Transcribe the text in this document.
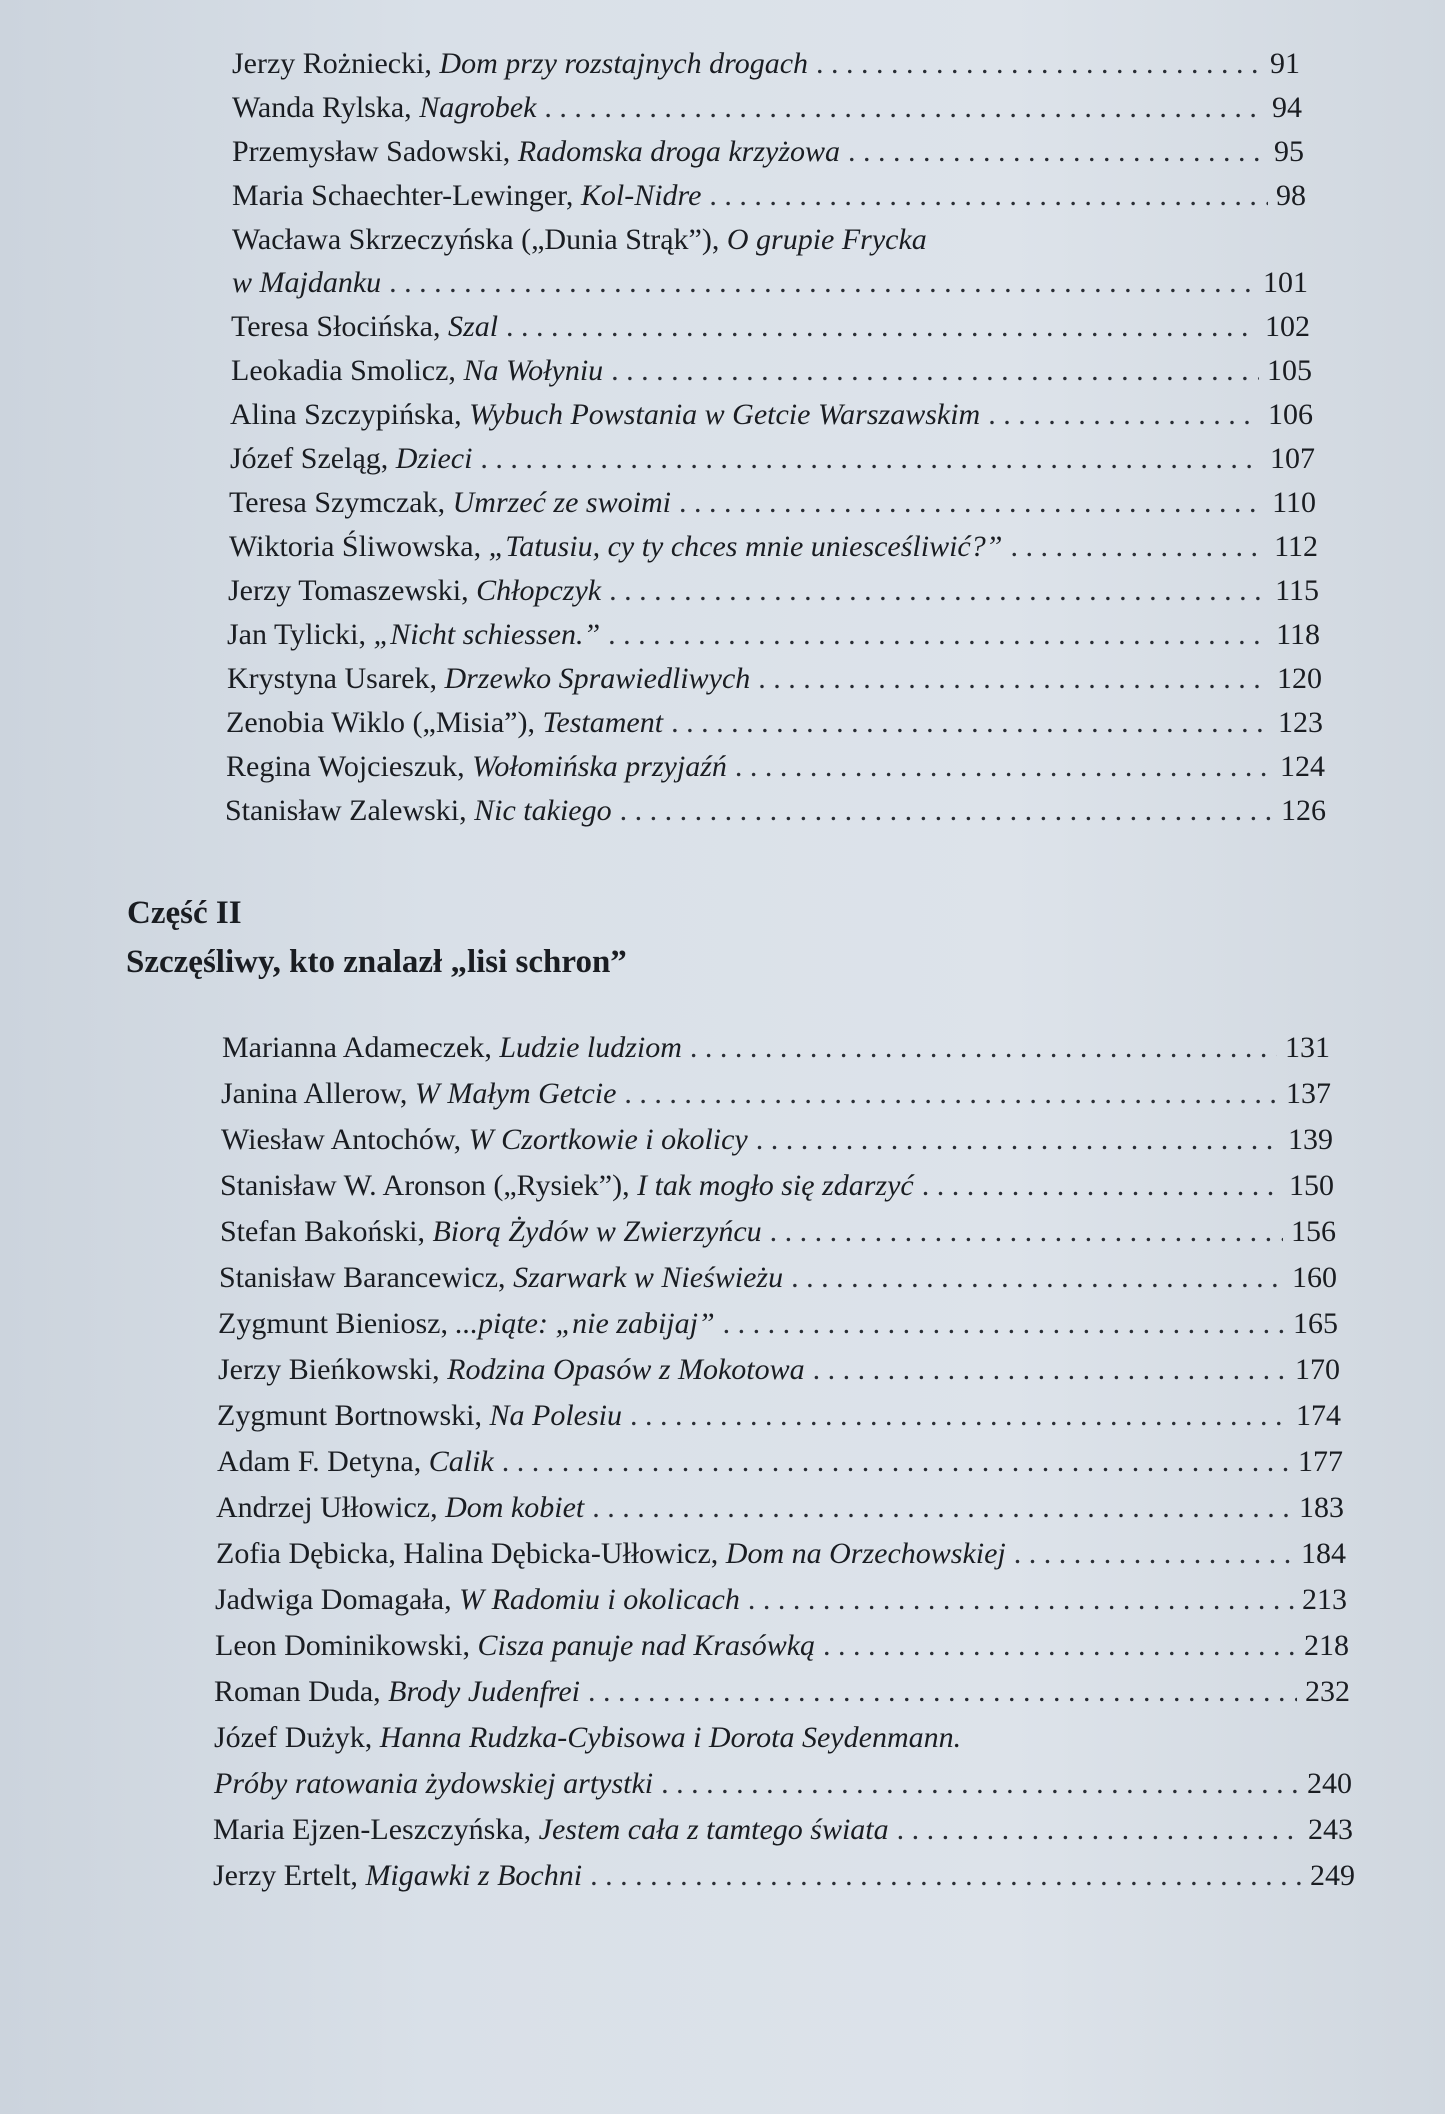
Jerzy Rożniecki, Dom przy rozstajnych drogach . . .	91
Wanda Rylska, Nagrobek . . .	94
Przemysław Sadowski, Radomska droga krzyżowa . . .	95
Maria Schaechter-Lewinger, Kol-Nidre . . .	98
Wacława Skrzeczyńska („Dunia Strąk”), O grupie Frycka
w Majdanku . . .	101
Teresa Słocińska, Szal . . .	102
Leokadia Smolicz, Na Wołyniu . . .	105
Alina Szczypińska, Wybuch Powstania w Getcie Warszawskim . . .	106
Józef Szeląg, Dzieci . . .	107
Teresa Szymczak, Umrzeć ze swoimi . . .	110
Wiktoria Śliwowska, „Tatusiu, cy ty chces mnie uniesceśliwić?” . . .	112
Jerzy Tomaszewski, Chłopczyk . . .	115
Jan Tylicki, „Nicht schiessen.” . . .	118
Krystyna Usarek, Drzewko Sprawiedliwych . . .	120
Zenobia Wiklo („Misia”), Testament . . .	123
Regina Wojcieszuk, Wołomińska przyjaźń . . .	124
Stanisław Zalewski, Nic takiego . . .	126
Część II
Szczęśliwy, kto znalazł „lisi schron”
Marianna Adameczek, Ludzie ludziom . . .	131
Janina Allerow, W Małym Getcie . . .	137
Wiesław Antochów, W Czortkowie i okolicy . . .	139
Stanisław W. Aronson („Rysiek”), I tak mogło się zdarzyć . . .	150
Stefan Bakoński, Biorą Żydów w Zwierzyńcu . . .	156
Stanisław Barancewicz, Szarwark w Nieświeżu . . .	160
Zygmunt Bieniosz, ...piąte: „nie zabijaj” . . .	165
Jerzy Bieńkowski, Rodzina Opasów z Mokotowa . . .	170
Zygmunt Bortnowski, Na Polesiu . . .	174
Adam F. Detyna, Calik . . .	177
Andrzej Ułłowicz, Dom kobiet . . .	183
Zofia Dębicka, Halina Dębicka-Ułłowicz, Dom na Orzechowskiej . . .	184
Jadwiga Domagała, W Radomiu i okolicach . . .	213
Leon Dominikowski, Cisza panuje nad Krasówką . . .	218
Roman Duda, Brody Judenfrei . . .	232
Józef Dużyk, Hanna Rudzka-Cybisowa i Dorota Seydenmann.
Próby ratowania żydowskiej artystki . . .	240
Maria Ejzen-Leszczyńska, Jestem cała z tamtego świata . . .	243
Jerzy Ertelt, Migawki z Bochni . . .	249
